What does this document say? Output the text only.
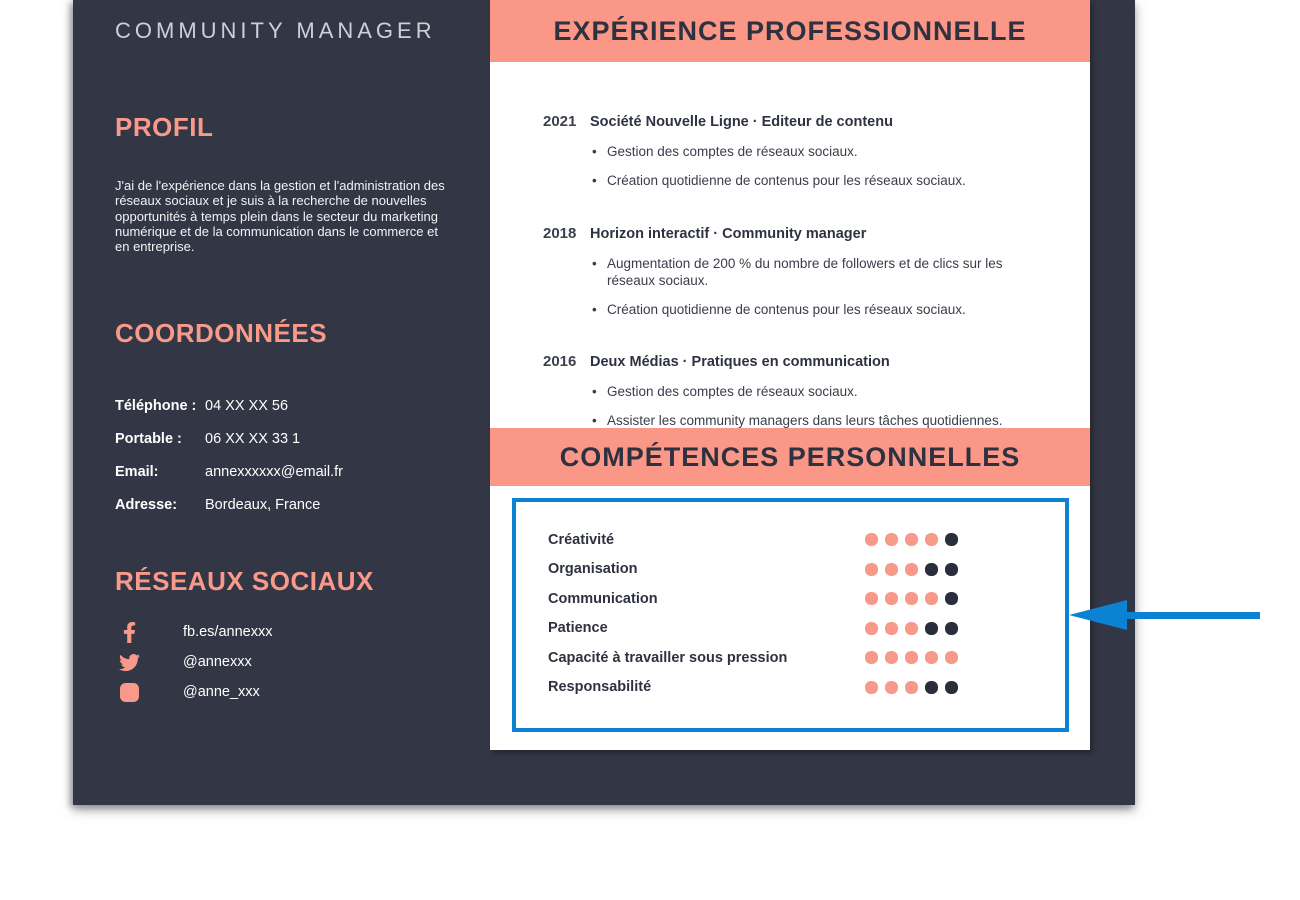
COMMUNITY MANAGER
PROFIL
J'ai de l'expérience dans la gestion et l'administration des réseaux sociaux et je suis à la recherche de nouvelles opportunités à temps plein dans le secteur du marketing numérique et de la communication dans le commerce et en entreprise.
COORDONNÉES
Téléphone : 04 XX XX 56
Portable :	06 XX XX 33 1
Email:	annexxxxxx@email.fr
Adresse:	Bordeaux, France
RÉSEAUX SOCIAUX
fb.es/annexxx
@annexxx
@anne_xxx
EXPÉRIENCE PROFESSIONNELLE
2021 Société Nouvelle Ligne · Editeur de contenu
• Gestion des comptes de réseaux sociaux.
• Création quotidienne de contenus pour les réseaux sociaux.
2018 Horizon interactif · Community manager
• Augmentation de 200 % du nombre de followers et de clics sur les réseaux sociaux.
• Création quotidienne de contenus pour les réseaux sociaux.
2016 Deux Médias · Pratiques en communication
• Gestion des comptes de réseaux sociaux.
• Assister les community managers dans leurs tâches quotidiennes.
COMPÉTENCES PERSONNELLES
Créativité
Organisation
Communication
Patience
Capacité à travailler sous pression
Responsabilité
